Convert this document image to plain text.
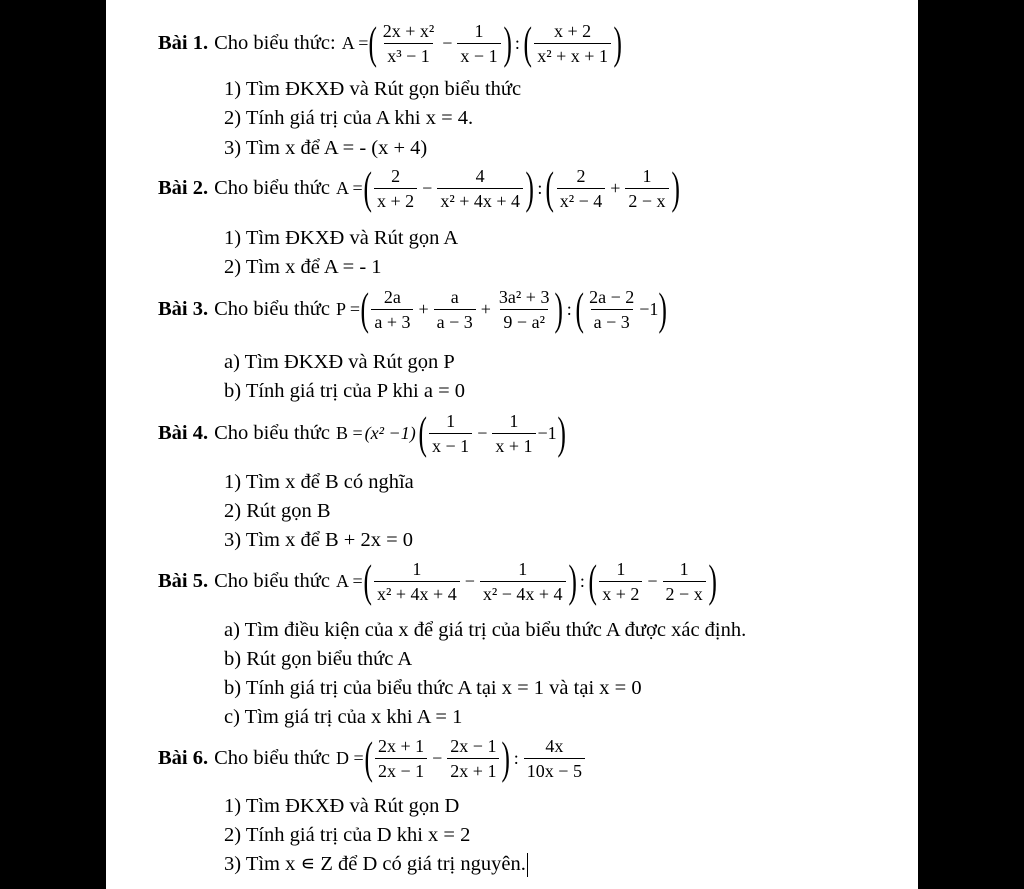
Bài 1. Cho biểu thức: A = ( $\frac{\text{2x + x²}}{\text{x³ − 1}} - \frac{1}{x - 1}$ ) : ( $\frac{x + 2}{\text{x² + x + 1}}$ )
1) Tìm ĐKXĐ và Rút gọn biểu thức
2) Tính giá trị của A khi x = 4.
3) Tìm x để A = - (x + 4)
Bài 2. Cho biểu thức A = ( $\frac{2}{x + 2} - \frac{4}{\text{x² + 4x + 4}}$ ) : ( $\frac{2}{\text{x² − 4}} + \frac{1}{2 - x}$ )
1) Tìm ĐKXĐ và Rút gọn A
2) Tìm x để A = - 1
Bài 3. Cho biểu thức P = ( $\frac{2a}{a + 3} + \frac{a}{a - 3} + \frac{\text{3a² + 3}}{\text{9 − a²}}$ ) : ( $\frac{2a - 2}{a - 3} -1$ )
a) Tìm ĐKXĐ và Rút gọn P
b) Tính giá trị của P khi a = 0
Bài 4. Cho biểu thức B = (x² −1) ( $\frac{1}{x - 1} - \frac{1}{x + 1} -1$ )
1) Tìm x để B có nghĩa
2) Rút gọn B
3) Tìm x để B + 2x = 0
Bài 5. Cho biểu thức A = ( $\frac{1}{\text{x² + 4x + 4}} - \frac{1}{\text{x² − 4x + 4}}$ ) : ( $\frac{1}{x + 2} - \frac{1}{2 - x}$ )
a) Tìm điều kiện của x để giá trị của biểu thức A được xác định.
b) Rút gọn biểu thức A
b) Tính giá trị của biểu thức A tại x = 1 và tại x = 0
c) Tìm giá trị của x khi A = 1
Bài 6. Cho biểu thức D = ( $\frac{2x + 1}{2x - 1} - \frac{2x - 1}{2x + 1}$ ) : $\frac{4x}{10x - 5}$
1) Tìm ĐKXĐ và Rút gọn D
2) Tính giá trị của D khi x = 2
3) Tìm x ∊ Z để D có giá trị nguyên.
